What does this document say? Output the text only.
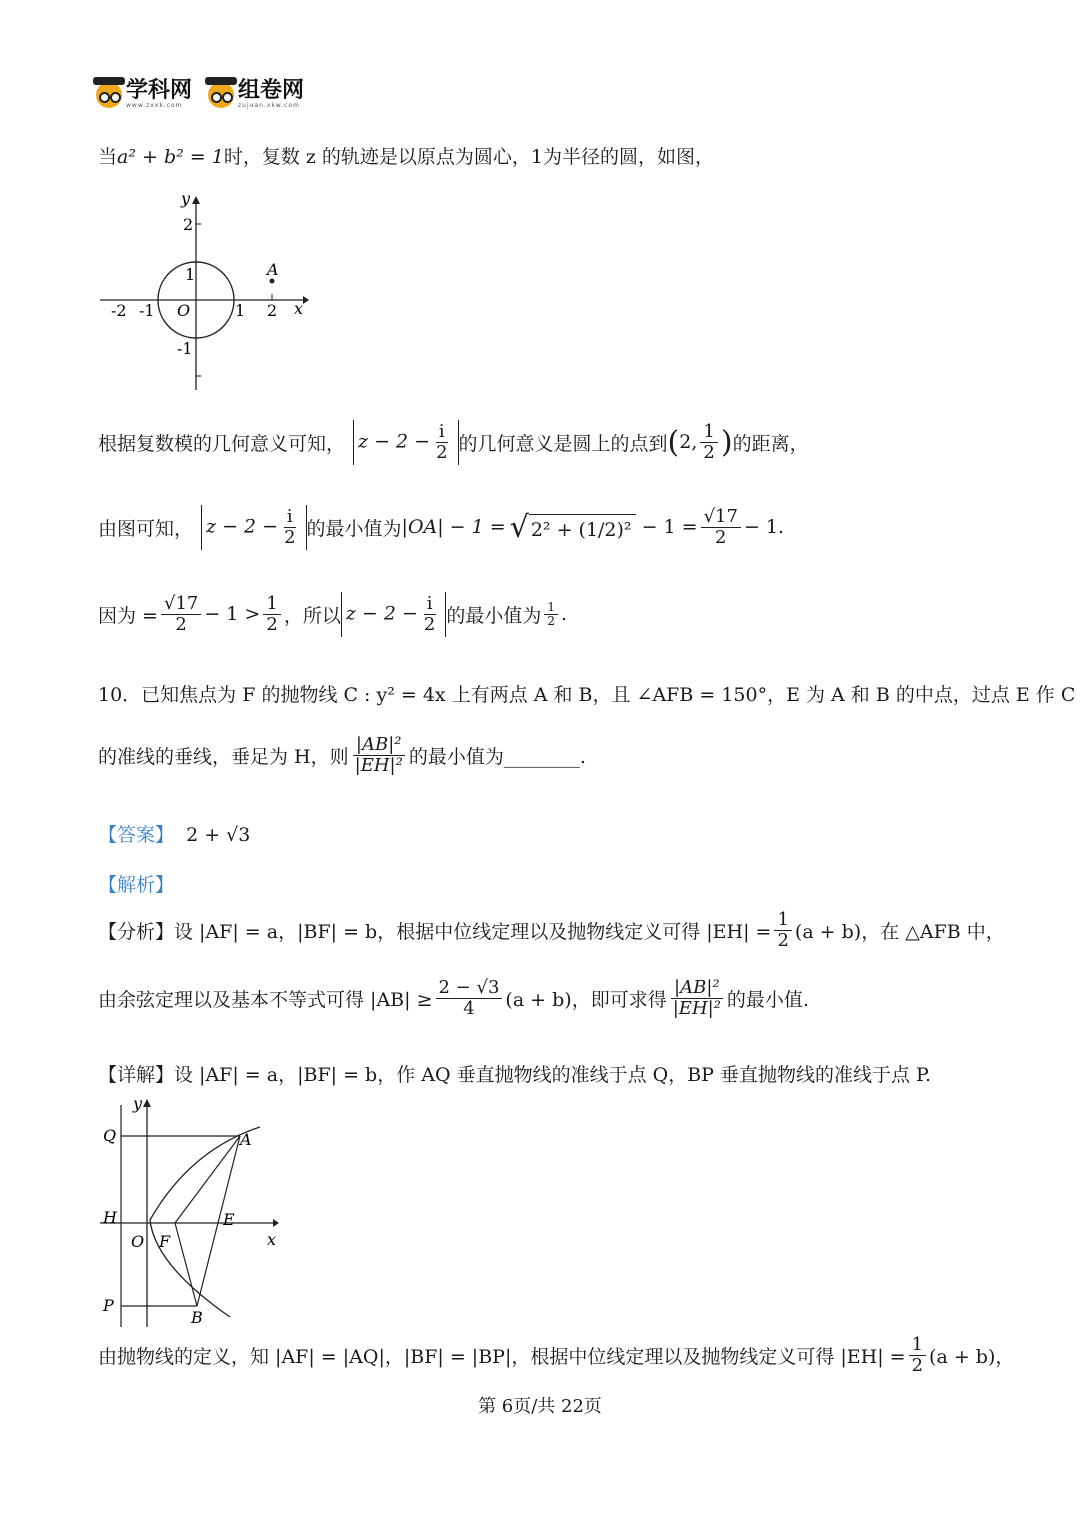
学科网
www.zxxk.com
组卷网
zujuan.xkw.com
当a² + b² = 1时，复数 z 的轨迹是以原点为圆心，1为半径的圆，如图，
y
x
O
A
-2 -1	1 2
2
1
-1
根据复数模的几何意义可知， $z - 2 - \frac{i}{2}$ 的几何意义是圆上的点到 ( 2, $\frac{1}{2}$ ) 的距离，
由图可知， $z - 2 - \frac{i}{2}$ 的最小值为 |OA| − 1 = √ $2^2 + (1/2)^2 - 1 = \frac{√17}{2} - 1$.
因为 = $\frac{√17}{2} - 1 > \frac{1}{2}$ ，所以 $z - 2 - \frac{i}{2}$ 的最小值为 $\frac{1}{2}$ .
10．已知焦点为 F 的抛物线 C : y² = 4x 上有两点 A 和 B，且 ∠AFB = 150°，E 为 A 和 B 的中点，过点 E 作 C
的准线的垂线，垂足为 H，则 $\frac{\text{|AB|²}}{\text{|EH|²}}$ 的最小值为________.
【答案】 2 + √3
【解析】
【分析】 设 |AF| = a，|BF| = b，根据中位线定理以及抛物线定义可得 $|EH| = \frac{1}{2} (a + b)$，在 △AFB 中，
由余弦定理以及基本不等式可得 $|AB| \ge \frac{2 - √3}{4} (a + b)$，即可求得 $\frac{\text{|AB|²}}{\text{|EH|²}}$ 的最小值.
【详解】设 |AF| = a，|BF| = b，作 AQ 垂直抛物线的准线于点 Q，BP 垂直抛物线的准线于点 P.
y
Q	A
H	E
O F	x
P
B
由抛物线的定义，知 |AF| = |AQ|，|BF| = |BP|，根据中位线定理以及抛物线定义可得 $|EH| = \frac{1}{2} (a + b)$，
第 6页/共 22页
